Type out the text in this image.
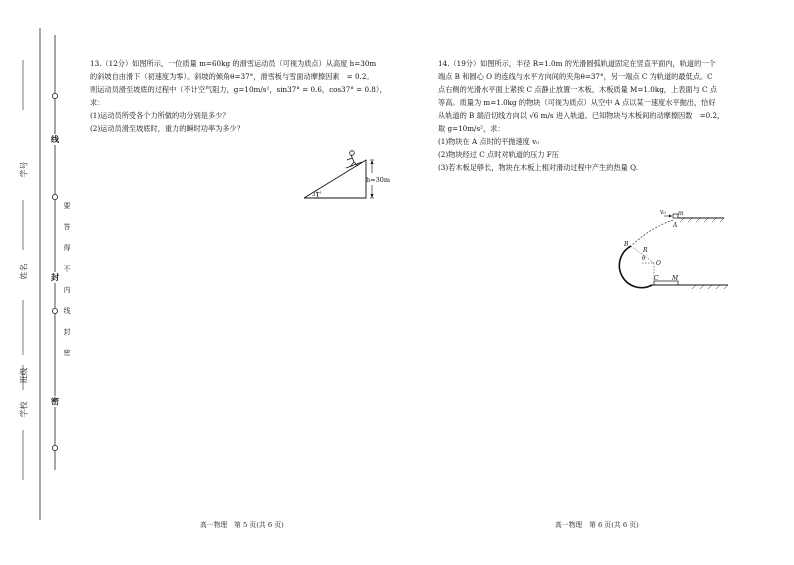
学号
姓名
学校
班级
线
封
密
要
答
得
不
内
线
封
密
13.（12分）如图所示，一位质量 m=60kg 的滑雪运动员（可视为质点）从高度 h=30m
的斜坡自由滑下（初速度为零）。斜坡的倾角θ=37°，滑雪板与雪面动摩擦因素　= 0.2。
则运动员滑至坡底的过程中（不计空气阻力，g=10m/s²，sin37° = 0.6，cos37° = 0.8），
求：
(1)运动员所受各个力所做的功分别是多少？
(2)运动员滑至坡底时，重力的瞬时功率为多少？
h=30m
37°
14.（19分）如图所示，半径 R=1.0m 的光滑圆弧轨道固定在竖直平面内，轨道的一个
端点 B 和圆心 O 的连线与水平方向间的夹角θ=37°，另一端点 C 为轨道的最低点。C
点右侧的光滑水平面上紧挨 C 点静止放置一木板，木板质量 M=1.0kg，上表面与 C 点
等高。质量为 m=1.0kg 的物块（可视为质点）从空中 A 点以某一速度水平抛出，恰好
从轨道的 B 端沿切线方向以 √6 m/s 进入轨道。已知物块与木板间的动摩擦因数　=0.2，
取 g=10m/s²，求：
(1)物块在 A 点时的平抛速度 v₀
(2)物块经过 C 点时对轨道的压力 F压
(3)若木板足够长，物块在木板上相对滑动过程中产生的热量 Q.
v₀ m
A
B
R
θ
O
C M
高一物理　第 5 页(共 6 页)	高一物理　第 6 页(共 6 页)
